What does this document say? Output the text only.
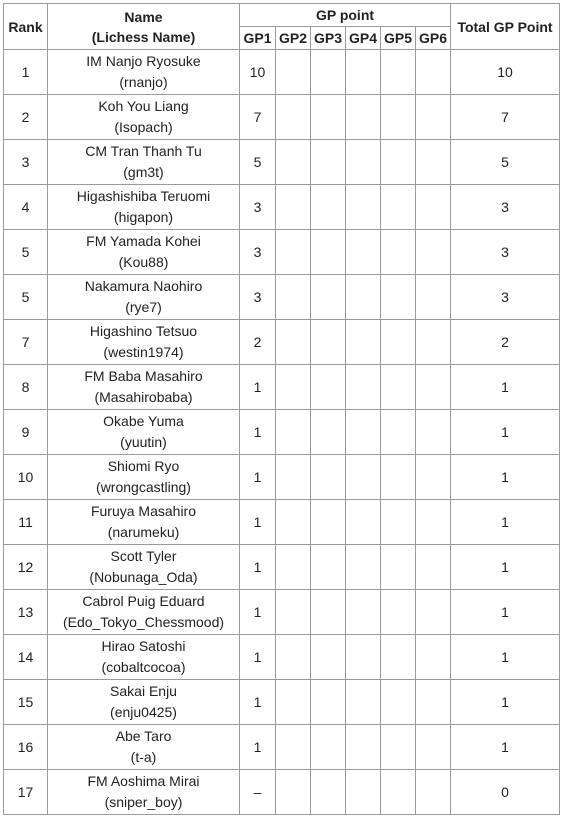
Rank	Name
(Lichess Name)	GP point						Total GP Point
		GP1	GP2	GP3	GP4	GP5	GP6	
1	IM Nanjo Ryosuke
(rnanjo)	10						10
2	Koh You Liang
(Isopach)	7						7
3	CM Tran Thanh Tu
(gm3t)	5						5
4	Higashishiba Teruomi
(higapon)	3						3
5	FM Yamada Kohei
(Kou88)	3						3
5	Nakamura Naohiro
(rye7)	3						3
7	Higashino Tetsuo
(westin1974)	2						2
8	FM Baba Masahiro
(Masahirobaba)	1						1
9	Okabe Yuma
(yuutin)	1						1
10	Shiomi Ryo
(wrongcastling)	1						1
11	Furuya Masahiro
(narumeku)	1						1
12	Scott Tyler
(Nobunaga_Oda)	1						1
13	Cabrol Puig Eduard
(Edo_Tokyo_Chessmood)	1						1
14	Hirao Satoshi
(cobaltcocoa)	1						1
15	Sakai Enju
(enju0425)	1						1
16	Abe Taro
(t-a)	1						1
17	FM Aoshima Mirai
(sniper_boy)	–						0
